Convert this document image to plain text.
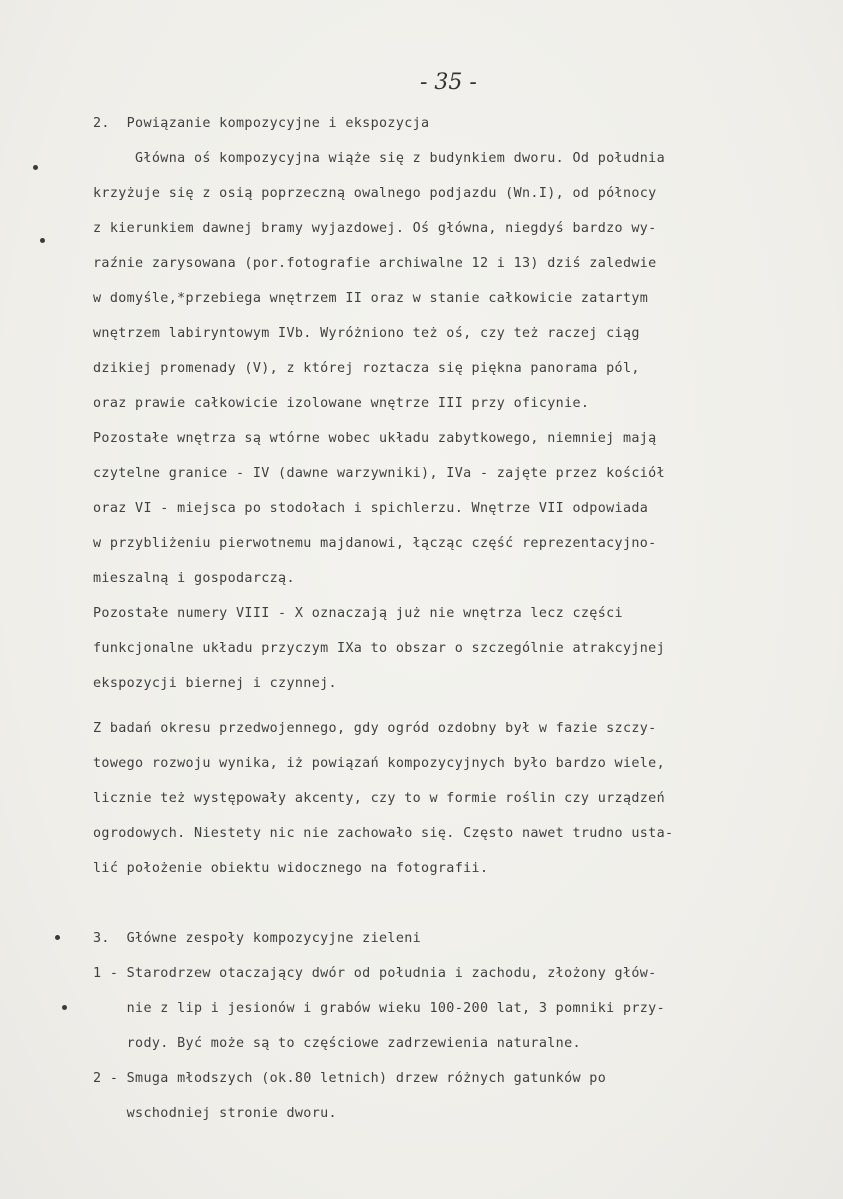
- 35 -
2.  Powiązanie kompozycyjne i ekspozycja
Główna oś kompozycyjna wiąże się z budynkiem dworu. Od południa
krzyżuje się z osią poprzeczną owalnego podjazdu (Wn.I), od północy
z kierunkiem dawnej bramy wyjazdowej. Oś główna, niegdyś bardzo wy-
raźnie zarysowana (por.fotografie archiwalne 12 i 13) dziś zaledwie
w domyśle,*przebiega wnętrzem II oraz w stanie całkowicie zatartym
wnętrzem labiryntowym IVb. Wyróżniono też oś, czy też raczej ciąg
dzikiej promenady (V), z której roztacza się piękna panorama pól,
oraz prawie całkowicie izolowane wnętrze III przy oficynie.
Pozostałe wnętrza są wtórne wobec układu zabytkowego, niemniej mają
czytelne granice - IV (dawne warzywniki), IVa - zajęte przez kościół
oraz VI - miejsca po stodołach i spichlerzu. Wnętrze VII odpowiada
w przybliżeniu pierwotnemu majdanowi, łącząc część reprezentacyjno-
mieszalną i gospodarczą.
Pozostałe numery VIII - X oznaczają już nie wnętrza lecz części
funkcjonalne układu przyczym IXa to obszar o szczególnie atrakcyjnej
ekspozycji biernej i czynnej.
Z badań okresu przedwojennego, gdy ogród ozdobny był w fazie szczy-
towego rozwoju wynika, iż powiązań kompozycyjnych było bardzo wiele,
licznie też występowały akcenty, czy to w formie roślin czy urządzeń
ogrodowych. Niestety nic nie zachowało się. Często nawet trudno usta-
lić położenie obiektu widocznego na fotografii.
3.  Główne zespoły kompozycyjne zieleni
1 - Starodrzew otaczający dwór od południa i zachodu, złożony głów-
nie z lip i jesionów i grabów wieku 100-200 lat, 3 pomniki przy-
rody. Być może są to częściowe zadrzewienia naturalne.
2 - Smuga młodszych (ok.80 letnich) drzew różnych gatunków po
wschodniej stronie dworu.
